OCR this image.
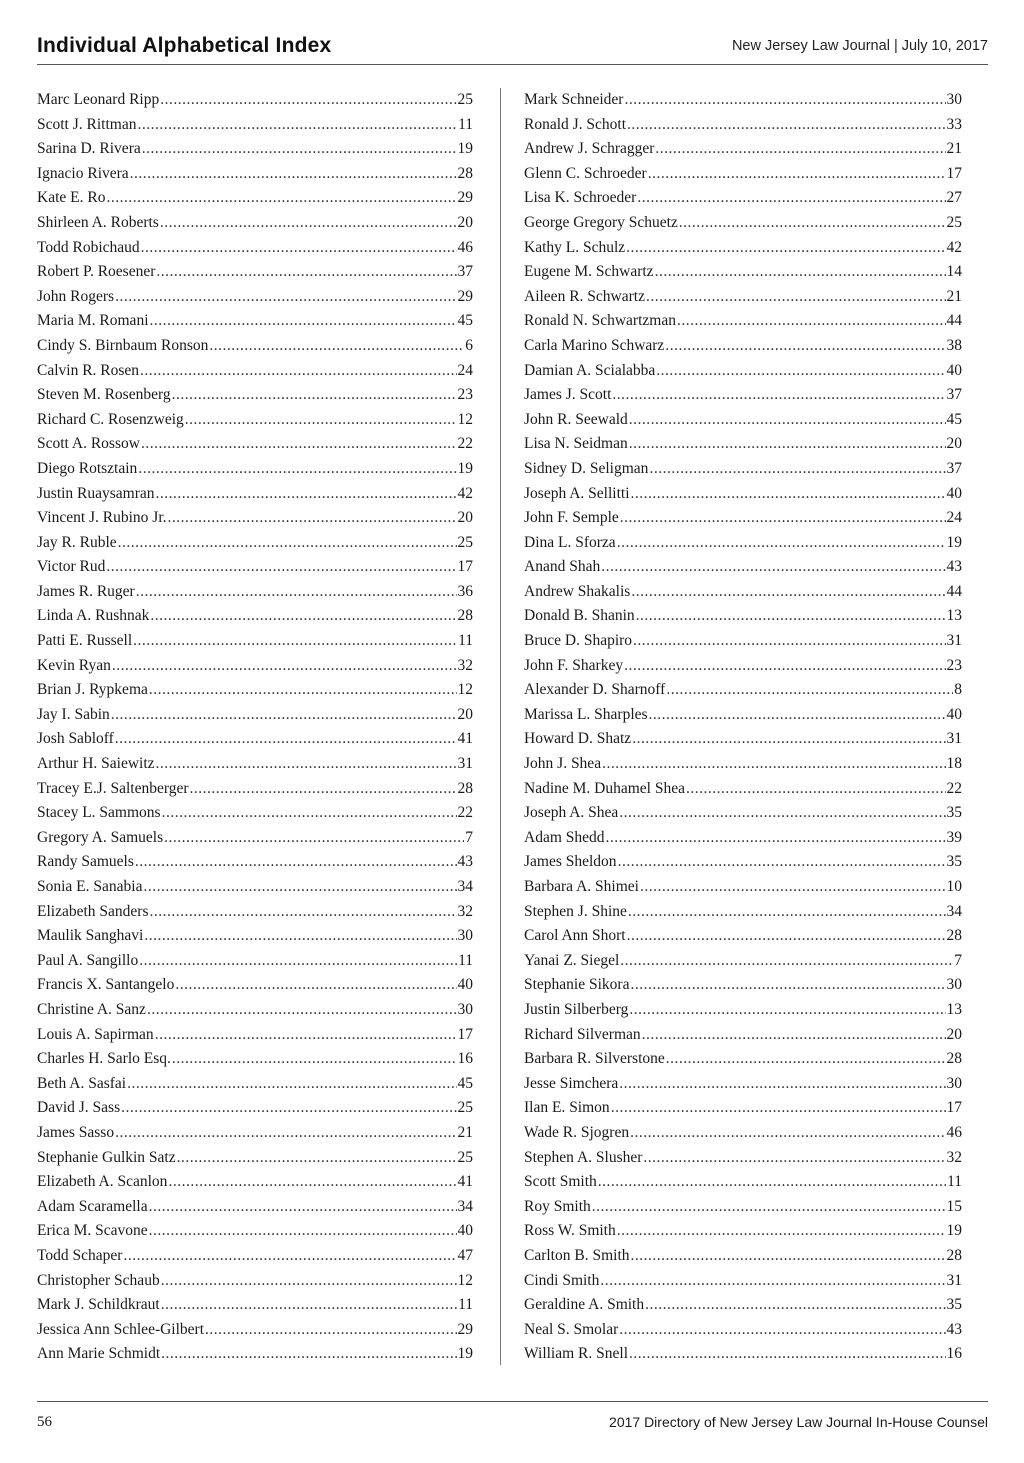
Individual Alphabetical Index	New Jersey Law Journal | July 10, 2017
Marc Leonard Ripp .....	25
Scott J. Rittman .....	11
Sarina D. Rivera .....	19
Ignacio Rivera .....	28
Kate E. Ro .....	29
Shirleen A. Roberts .....	20
Todd Robichaud .....	46
Robert P. Roesener .....	37
John Rogers .....	29
Maria M. Romani .....	45
Cindy S. Birnbaum Ronson .....	6
Calvin R. Rosen .....	24
Steven M. Rosenberg .....	23
Richard C. Rosenzweig .....	12
Scott A. Rossow .....	22
Diego Rotsztain .....	19
Justin Ruaysamran .....	42
Vincent J. Rubino Jr. .....	20
Jay R. Ruble .....	25
Victor Rud .....	17
James R. Ruger .....	36
Linda A. Rushnak .....	28
Patti E. Russell .....	11
Kevin Ryan .....	32
Brian J. Rypkema .....	12
Jay I. Sabin .....	20
Josh Sabloff .....	41
Arthur H. Saiewitz .....	31
Tracey E.J. Saltenberger .....	28
Stacey L. Sammons .....	22
Gregory A. Samuels .....	7
Randy Samuels .....	43
Sonia E. Sanabia .....	34
Elizabeth Sanders .....	32
Maulik Sanghavi .....	30
Paul A. Sangillo .....	11
Francis X. Santangelo .....	40
Christine A. Sanz .....	30
Louis A. Sapirman .....	17
Charles H. Sarlo Esq. .....	16
Beth A. Sasfai .....	45
David J. Sass .....	25
James Sasso .....	21
Stephanie Gulkin Satz .....	25
Elizabeth A. Scanlon .....	41
Adam Scaramella .....	34
Erica M. Scavone .....	40
Todd Schaper .....	47
Christopher Schaub .....	12
Mark J. Schildkraut .....	11
Jessica Ann Schlee-Gilbert .....	29
Ann Marie Schmidt .....	19
Mark Schneider .....	30
Ronald J. Schott .....	33
Andrew J. Schragger .....	21
Glenn C. Schroeder .....	17
Lisa K. Schroeder .....	27
George Gregory Schuetz .....	25
Kathy L. Schulz .....	42
Eugene M. Schwartz .....	14
Aileen R. Schwartz .....	21
Ronald N. Schwartzman .....	44
Carla Marino Schwarz .....	38
Damian A. Scialabba .....	40
James J. Scott .....	37
John R. Seewald .....	45
Lisa N. Seidman .....	20
Sidney D. Seligman .....	37
Joseph A. Sellitti .....	40
John F. Semple .....	24
Dina L. Sforza .....	19
Anand Shah .....	43
Andrew Shakalis .....	44
Donald B. Shanin .....	13
Bruce D. Shapiro .....	31
John F. Sharkey .....	23
Alexander D. Sharnoff .....	8
Marissa L. Sharples .....	40
Howard D. Shatz .....	31
John J. Shea .....	18
Nadine M. Duhamel Shea .....	22
Joseph A. Shea .....	35
Adam Shedd .....	39
James Sheldon .....	35
Barbara A. Shimei .....	10
Stephen J. Shine .....	34
Carol Ann Short .....	28
Yanai Z. Siegel .....	7
Stephanie Sikora .....	30
Justin Silberberg .....	13
Richard Silverman .....	20
Barbara R. Silverstone .....	28
Jesse Simchera .....	30
Ilan E. Simon .....	17
Wade R. Sjogren .....	46
Stephen A. Slusher .....	32
Scott Smith .....	11
Roy Smith .....	15
Ross W. Smith .....	19
Carlton B. Smith .....	28
Cindi Smith .....	31
Geraldine A. Smith .....	35
Neal S. Smolar .....	43
William R. Snell .....	16
56	2017 Directory of New Jersey Law Journal In-House Counsel
